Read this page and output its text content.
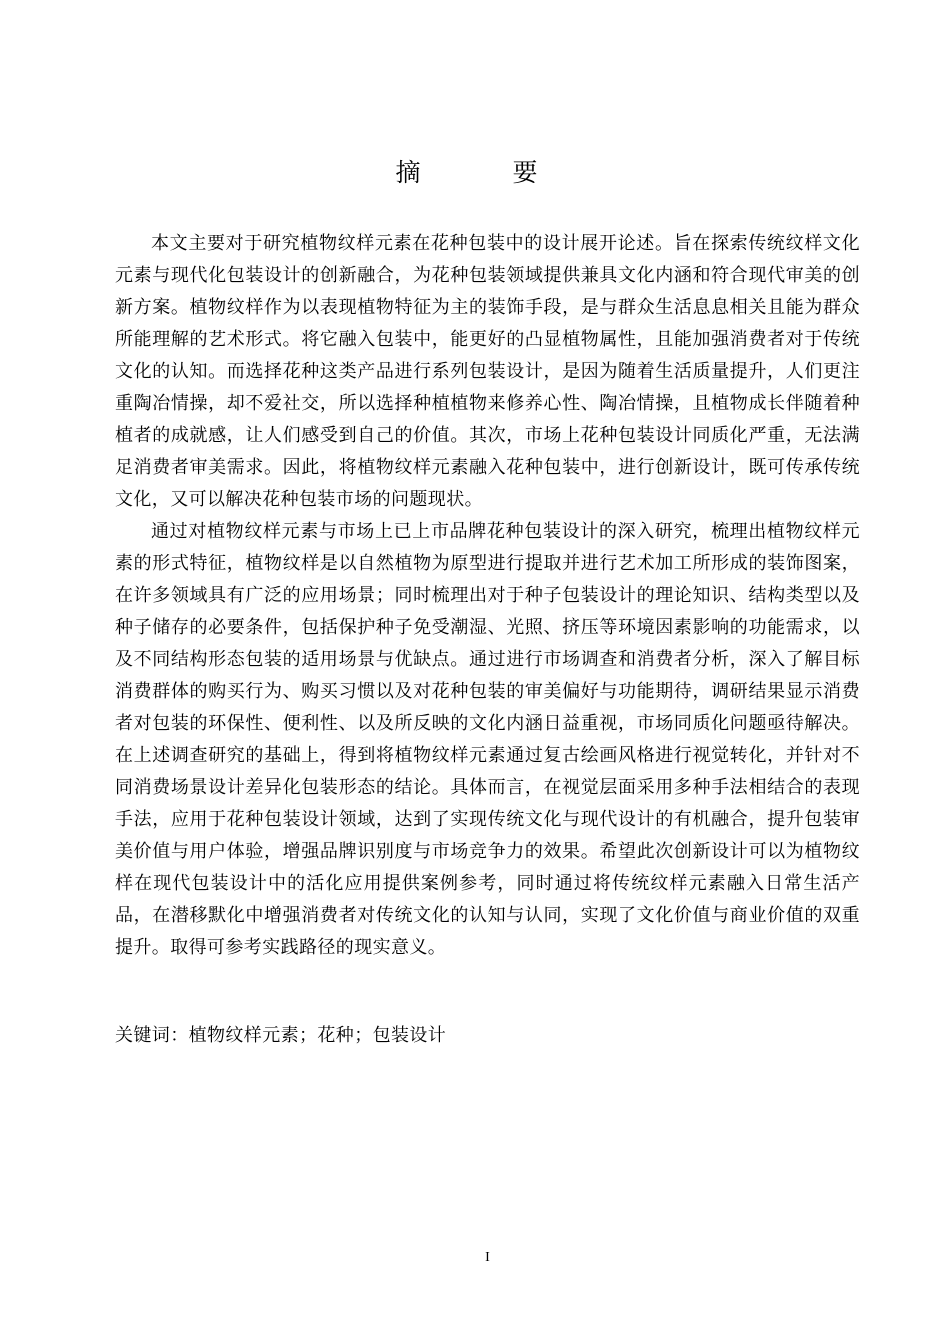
摘 要

本文主要对于研究植物纹样元素在花种包装中的设计展开论述。旨在探索传统纹样文化元素与现代化包装设计的创新融合，为花种包装领域提供兼具文化内涵和符合现代审美的创新方案。植物纹样作为以表现植物特征为主的装饰手段，是与群众生活息息相关且能为群众所能理解的艺术形式。将它融入包装中，能更好的凸显植物属性，且能加强消费者对于传统文化的认知。而选择花种这类产品进行系列包装设计，是因为随着生活质量提升，人们更注重陶冶情操，却不爱社交，所以选择种植植物来修养心性、陶冶情操，且植物成长伴随着种植者的成就感，让人们感受到自己的价值。其次，市场上花种包装设计同质化严重，无法满足消费者审美需求。因此，将植物纹样元素融入花种包装中，进行创新设计，既可传承传统文化，又可以解决花种包装市场的问题现状。

通过对植物纹样元素与市场上已上市品牌花种包装设计的深入研究，梳理出植物纹样元素的形式特征，植物纹样是以自然植物为原型进行提取并进行艺术加工所形成的装饰图案，在许多领域具有广泛的应用场景；同时梳理出对于种子包装设计的理论知识、结构类型以及种子储存的必要条件，包括保护种子免受潮湿、光照、挤压等环境因素影响的功能需求，以及不同结构形态包装的适用场景与优缺点。通过进行市场调查和消费者分析，深入了解目标消费群体的购买行为、购买习惯以及对花种包装的审美偏好与功能期待，调研结果显示消费者对包装的环保性、便利性、以及所反映的文化内涵日益重视，市场同质化问题亟待解决。在上述调查研究的基础上，得到将植物纹样元素通过复古绘画风格进行视觉转化，并针对不同消费场景设计差异化包装形态的结论。具体而言，在视觉层面采用多种手法相结合的表现手法，应用于花种包装设计领域，达到了实现传统文化与现代设计的有机融合，提升包装审美价值与用户体验，增强品牌识别度与市场竞争力的效果。希望此次创新设计可以为植物纹样在现代包装设计中的活化应用提供案例参考，同时通过将传统纹样元素融入日常生活产品，在潜移默化中增强消费者对传统文化的认知与认同，实现了文化价值与商业价值的双重提升。取得可参考实践路径的现实意义。

关键词：植物纹样元素；花种；包装设计
I
